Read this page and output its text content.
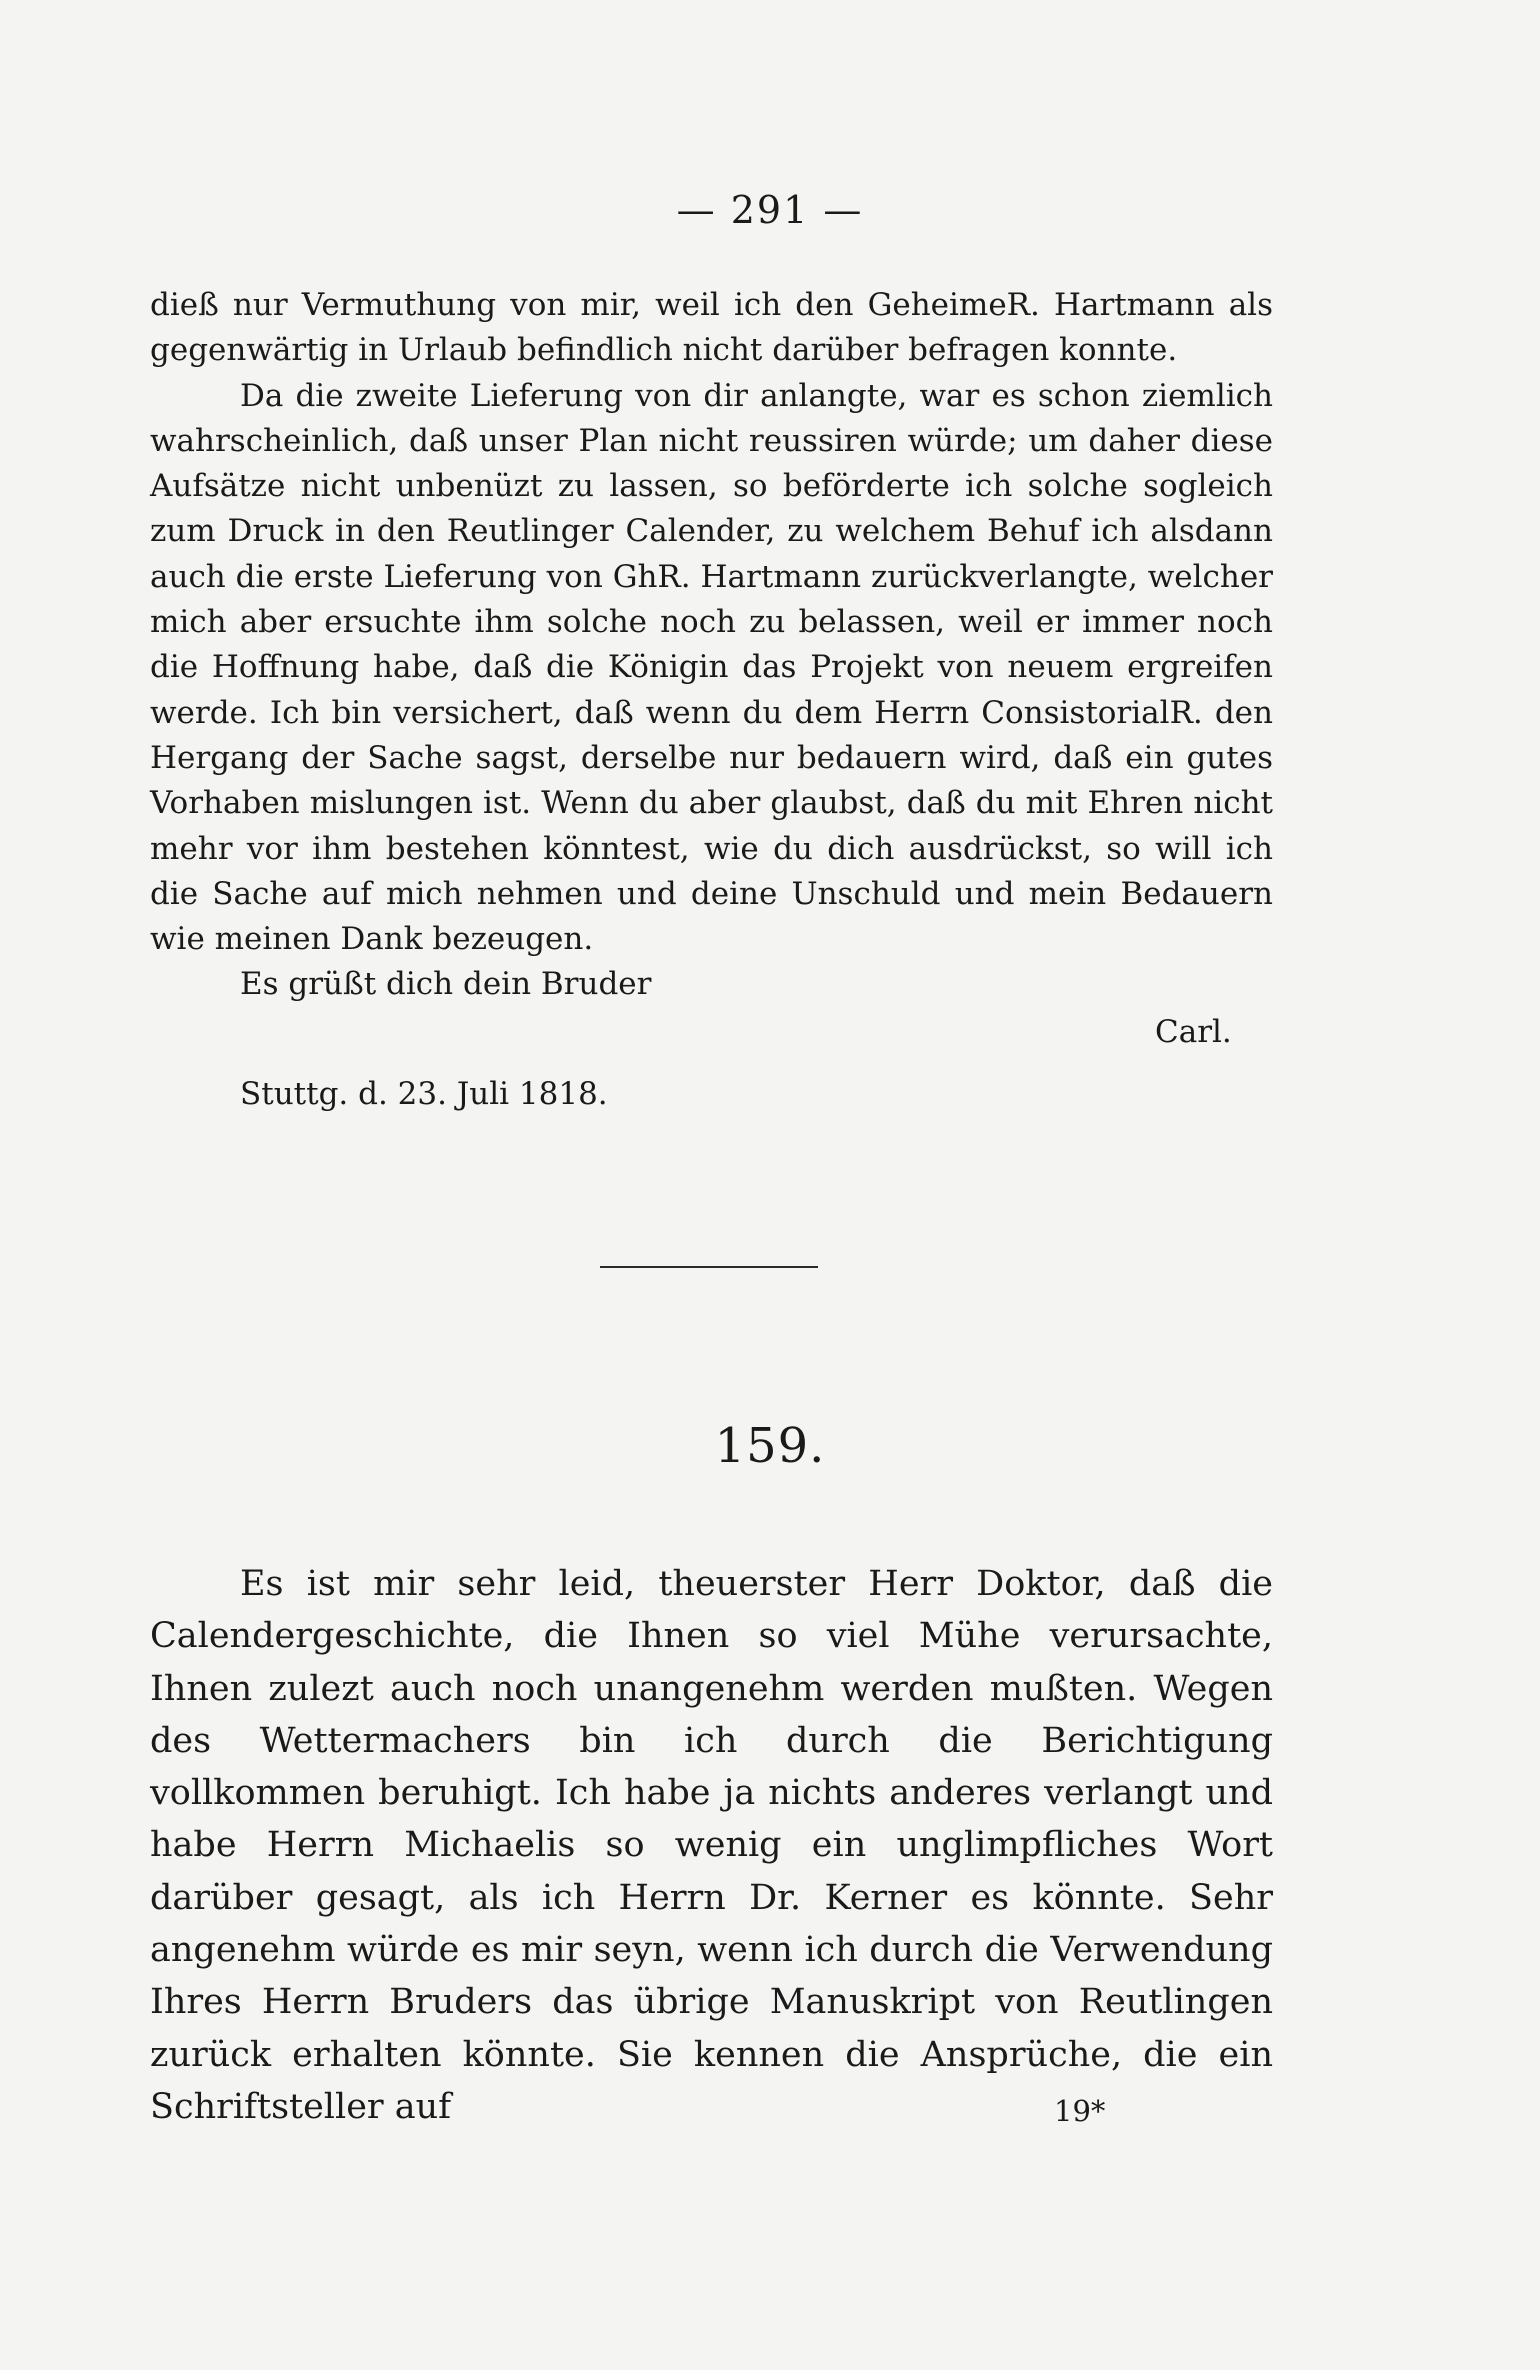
— 291 —

dieß nur Vermuthung von mir, weil ich den GeheimeR. Hartmann als gegenwärtig in Urlaub befindlich nicht darüber befragen konnte.

Da die zweite Lieferung von dir anlangte, war es schon ziemlich wahrscheinlich, daß unser Plan nicht reussiren würde; um daher diese Aufsätze nicht unbenüzt zu lassen, so beförderte ich solche sogleich zum Druck in den Reutlinger Calender, zu welchem Behuf ich alsdann auch die erste Lieferung von GhR. Hartmann zurückverlangte, welcher mich aber ersuchte ihm solche noch zu belassen, weil er immer noch die Hoffnung habe, daß die Königin das Projekt von neuem ergreifen werde. Ich bin versichert, daß wenn du dem Herrn ConsistorialR. den Hergang der Sache sagst, derselbe nur bedauern wird, daß ein gutes Vorhaben mislungen ist. Wenn du aber glaubst, daß du mit Ehren nicht mehr vor ihm bestehen könntest, wie du dich ausdrückst, so will ich die Sache auf mich nehmen und deine Unschuld und mein Bedauern wie meinen Dank bezeugen.

Es grüßt dich dein Bruder

Carl.
Stuttg. d. 23. Juli 1818.
159.

Es ist mir sehr leid, theuerster Herr Doktor, daß die Calendergeschichte, die Ihnen so viel Mühe verursachte, Ihnen zulezt auch noch unangenehm werden mußten. Wegen des Wettermachers bin ich durch die Berichtigung vollkommen beruhigt. Ich habe ja nichts anderes verlangt und habe Herrn Michaelis so wenig ein unglimpfliches Wort darüber gesagt, als ich Herrn Dr. Kerner es könnte. Sehr angenehm würde es mir seyn, wenn ich durch die Verwendung Ihres Herrn Bruders das übrige Manuskript von Reutlingen zurück erhalten könnte. Sie kennen die Ansprüche, die ein Schriftsteller auf	19*
